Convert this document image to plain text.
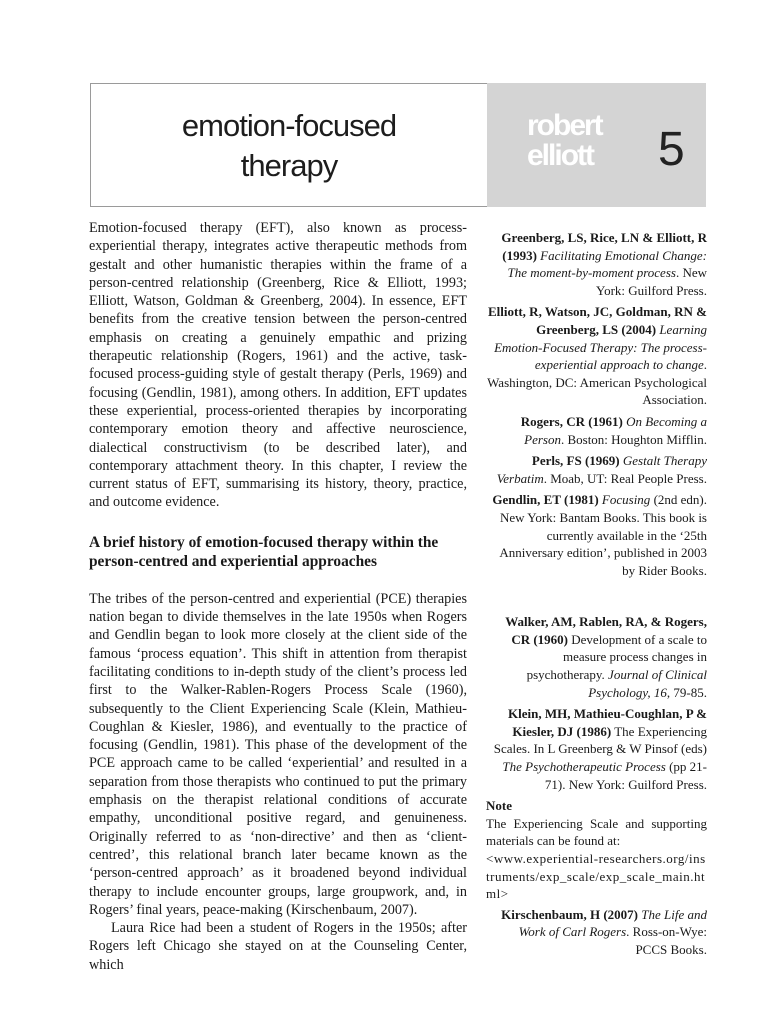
emotion-focused
therapy
robert
elliott 5

Emotion-focused therapy (EFT), also known as process-experiential therapy, integrates active therapeutic methods from gestalt and other humanistic therapies within the frame of a person-centred relationship (Greenberg, Rice & Elliott, 1993; Elliott, Watson, Goldman & Greenberg, 2004). In essence, EFT benefits from the creative tension between the person-centred emphasis on creating a genuinely empathic and prizing therapeutic relationship (Rogers, 1961) and the active, task-focused process-guiding style of gestalt therapy (Perls, 1969) and focusing (Gendlin, 1981), among others. In addition, EFT updates these experiential, process-oriented therapies by incorporating contemporary emotion theory and affective neuroscience, dialectical constructivism (to be described later), and contemporary attachment theory. In this chapter, I review the current status of EFT, summarising its history, theory, practice, and outcome evidence.

A brief history of emotion-focused therapy within the person-centred and experiential approaches

The tribes of the person-centred and experiential (PCE) therapies nation began to divide themselves in the late 1950s when Rogers and Gendlin began to look more closely at the client side of the famous ‘process equation’. This shift in attention from therapist facilitating conditions to in-depth study of the client’s process led first to the Walker-Rablen-Rogers Process Scale (1960), subsequently to the Client Experiencing Scale (Klein, Mathieu-Coughlan & Kiesler, 1986), and eventually to the practice of focusing (Gendlin, 1981). This phase of the development of the PCE approach came to be called ‘experiential’ and resulted in a separation from those therapists who continued to put the primary emphasis on the therapist relational conditions of accurate empathy, unconditional positive regard, and genuineness. Originally referred to as ‘non-directive’ and then as ‘client-centred’, this relational branch later became known as the ‘person-centred approach’ as it broadened beyond individual therapy to include encounter groups, large groupwork, and, in Rogers’ final years, peace-making (Kirschenbaum, 2007).

Laura Rice had been a student of Rogers in the 1950s; after Rogers left Chicago she stayed on at the Counseling Center, which

Greenberg, LS, Rice, LN & Elliott, R (1993) Facilitating Emotional Change: The moment-by-moment process. New York: Guilford Press.

Elliott, R, Watson, JC, Goldman, RN & Greenberg, LS (2004) Learning Emotion-Focused Therapy: The process-experiential approach to change. Washington, DC: American Psychological Association.

Rogers, CR (1961) On Becoming a Person. Boston: Houghton Mifflin.

Perls, FS (1969) Gestalt Therapy Verbatim. Moab, UT: Real People Press.

Gendlin, ET (1981) Focusing (2nd edn). New York: Bantam Books. This book is currently available in the ‘25th Anniversary edition’, published in 2003 by Rider Books.

Walker, AM, Rablen, RA, & Rogers, CR (1960) Development of a scale to measure process changes in psychotherapy. Journal of Clinical Psychology, 16, 79-85.

Klein, MH, Mathieu-Coughlan, P & Kiesler, DJ (1986) The Experiencing Scales. In L Greenberg & W Pinsof (eds) The Psychotherapeutic Process (pp 21-71). New York: Guilford Press.

Note
The Experiencing Scale and supporting materials can be found at:
<www.experiential-researchers.org/instruments/exp_scale/exp_scale_main.html>

Kirschenbaum, H (2007) The Life and Work of Carl Rogers. Ross-on-Wye: PCCS Books.
